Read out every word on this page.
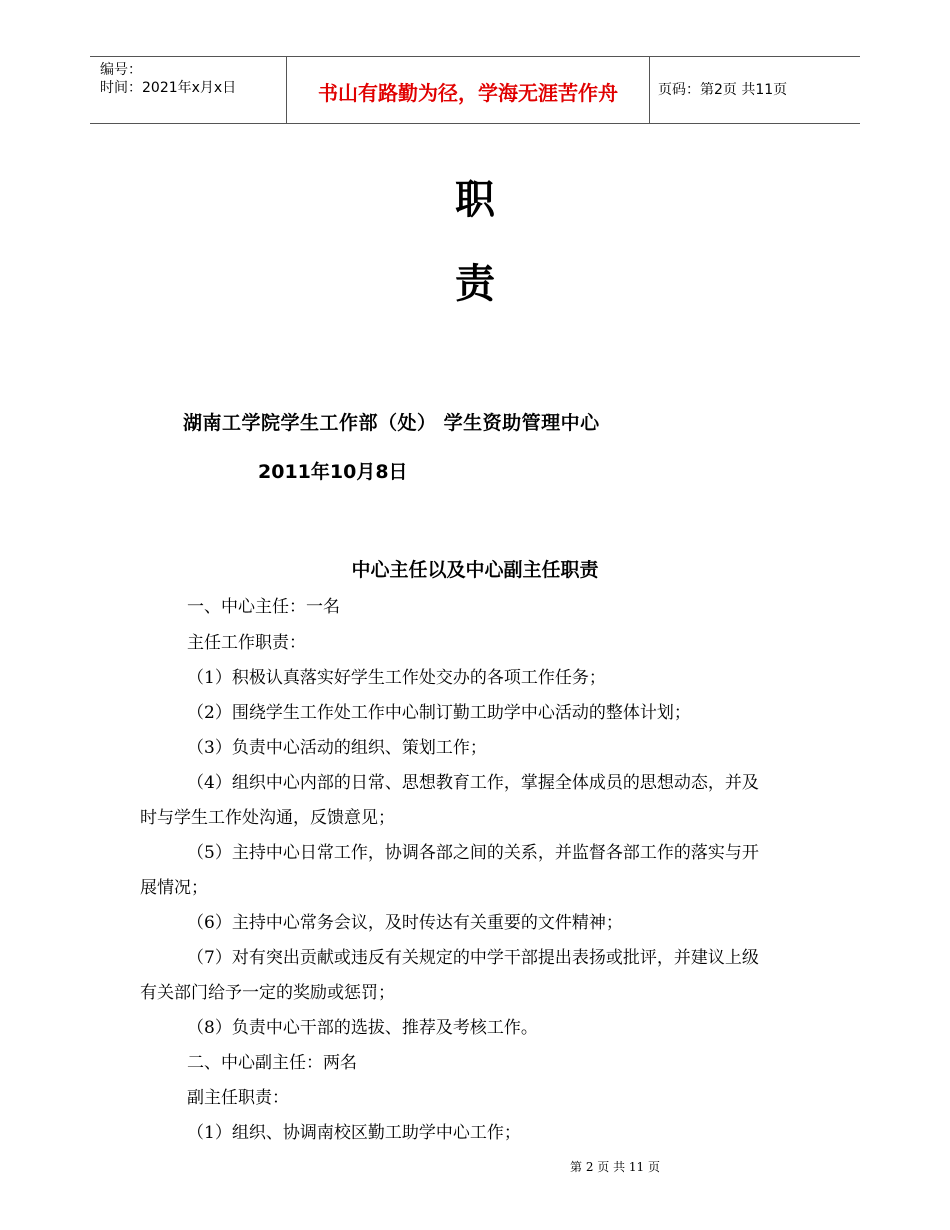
编号：
时间：2021年x月x日	书山有路勤为径，学海无涯苦作舟	页码：第2页 共11页
职
责
湖南工学院学生工作部（处） 学生资助管理中心
2011年10月8日
中心主任以及中心副主任职责
一、中心主任：一名
主任工作职责：
（1）积极认真落实好学生工作处交办的各项工作任务；
（2）围绕学生工作处工作中心制订勤工助学中心活动的整体计划；
（3）负责中心活动的组织、策划工作；
（4）组织中心内部的日常、思想教育工作，掌握全体成员的思想动态，并及
时与学生工作处沟通，反馈意见；
（5）主持中心日常工作，协调各部之间的关系，并监督各部工作的落实与开
展情况；
（6）主持中心常务会议，及时传达有关重要的文件精神；
（7）对有突出贡献或违反有关规定的中学干部提出表扬或批评，并建议上级
有关部门给予一定的奖励或惩罚；
（8）负责中心干部的选拔、推荐及考核工作。
二、中心副主任：两名
副主任职责：
（1）组织、协调南校区勤工助学中心工作；
第 2 页 共 11 页
